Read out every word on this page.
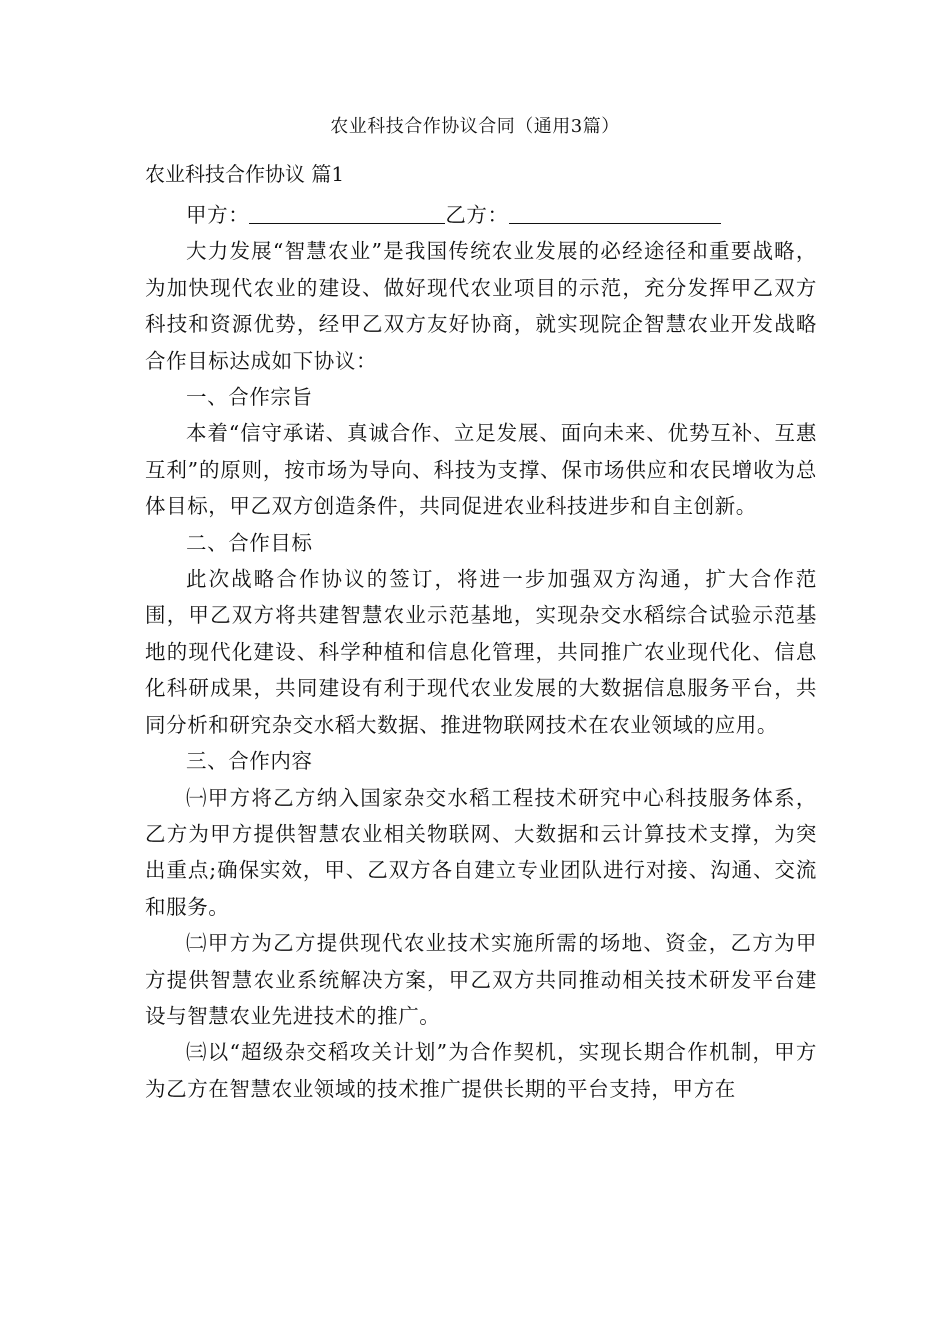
农业科技合作协议合同（通用3篇）
农业科技合作协议 篇1
甲方：	乙方：

大力发展“智慧农业”是我国传统农业发展的必经途径和重要战略，为加快现代农业的建设、做好现代农业项目的示范，充分发挥甲乙双方科技和资源优势，经甲乙双方友好协商，就实现院企智慧农业开发战略合作目标达成如下协议：

一、合作宗旨

本着“信守承诺、真诚合作、立足发展、面向未来、优势互补、互惠互利”的原则，按市场为导向、科技为支撑、保市场供应和农民增收为总体目标，甲乙双方创造条件，共同促进农业科技进步和自主创新。

二、合作目标

此次战略合作协议的签订，将进一步加强双方沟通，扩大合作范围，甲乙双方将共建智慧农业示范基地，实现杂交水稻综合试验示范基地的现代化建设、科学种植和信息化管理，共同推广农业现代化、信息化科研成果，共同建设有利于现代农业发展的大数据信息服务平台，共同分析和研究杂交水稻大数据、推进物联网技术在农业领域的应用。

三、合作内容

㈠甲方将乙方纳入国家杂交水稻工程技术研究中心科技服务体系，乙方为甲方提供智慧农业相关物联网、大数据和云计算技术支撑，为突出重点;确保实效，甲、乙双方各自建立专业团队进行对接、沟通、交流和服务。

㈡甲方为乙方提供现代农业技术实施所需的场地、资金，乙方为甲方提供智慧农业系统解决方案，甲乙双方共同推动相关技术研发平台建设与智慧农业先进技术的推广。

㈢以“超级杂交稻攻关计划”为合作契机，实现长期合作机制，甲方为乙方在智慧农业领域的技术推广提供长期的平台支持，甲方在
